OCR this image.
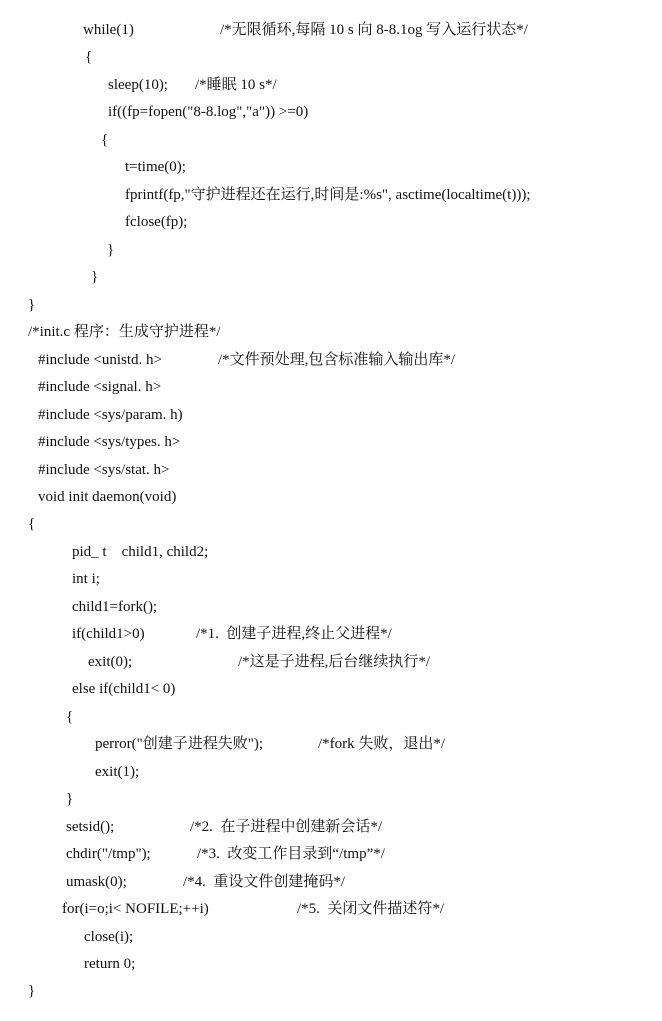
while(1)	/*无限循环,每隔 10 s 向 8-8.1og 写入运行状态*/
{
sleep(10); /*睡眠 10 s*/
if((fp=fopen("8-8.log","a")) >=0)
{
t=time(0);
fprintf(fp,"守护进程还在运行,时间是:%s", asctime(localtime(t)));
fclose(fp);
}
}
}
/*init.c 程序：生成守护进程*/
#include <unistd. h>	/*文件预处理,包含标准输入输出库*/
#include <signal. h>
#include <sys/param. h)
#include <sys/types. h>
#include <sys/stat. h>
void init daemon(void)
{
pid_ t    child1, child2;
int i;
child1=fork();
if(child1>0)	/*1.  创建子进程,终止父进程*/
exit(0);	/*这是子进程,后台继续执行*/
else if(child1< 0)
{
perror("创建子进程失败");	/*fork 失败，退出*/
exit(1);
}
setsid();	/*2.  在子进程中创建新会话*/
chdir("/tmp");	/*3.  改变工作目录到“/tmp”*/
umask(0);	/*4.  重设文件创建掩码*/
for(i=o;i< NOFILE;++i)	/*5.  关闭文件描述符*/
close(i);
return 0;
}
